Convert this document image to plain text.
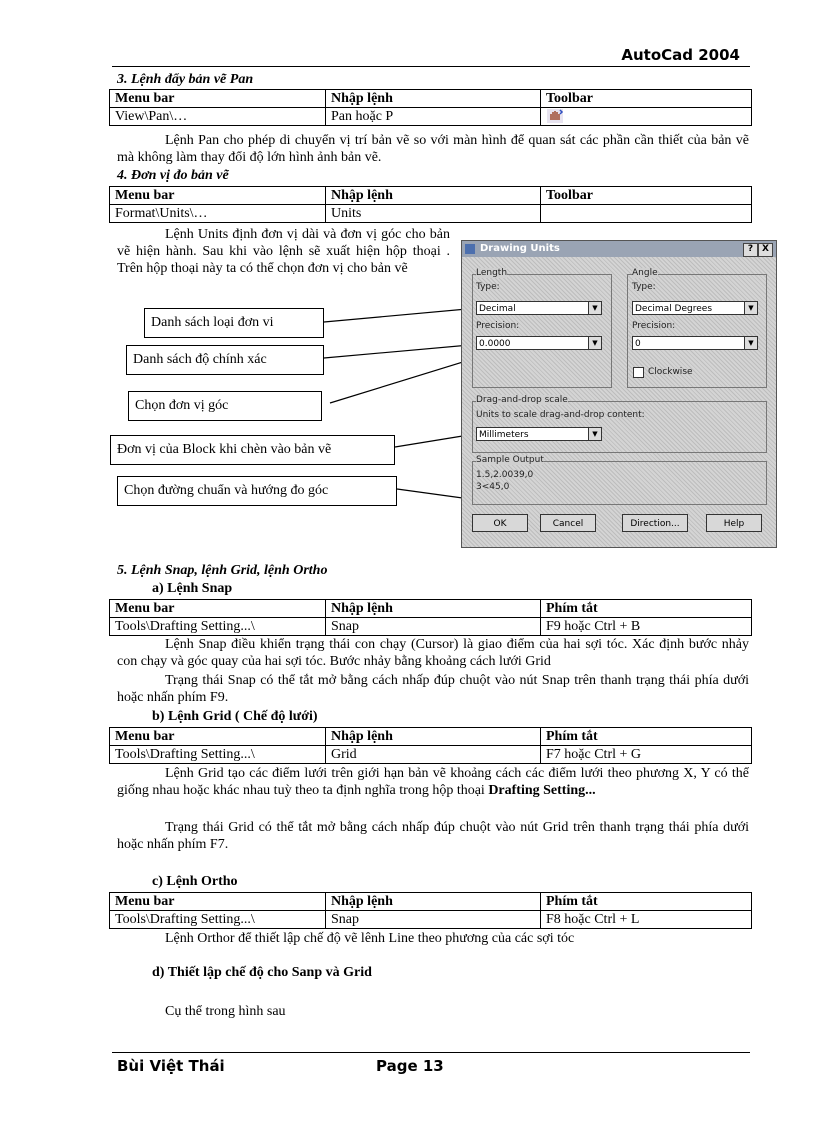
AutoCad 2004
3. Lệnh đẩy bản vẽ Pan
Menu bar	Nhập lệnh	Toolbar
View\Pan\…	Pan hoặc P	
Lệnh Pan cho phép di chuyển vị trí bản vẽ so với màn hình để quan sát các phần cần thiết của bản vẽ mà không làm thay đổi độ lớn hình ảnh bản vẽ.
4. Đơn vị đo bản vẽ
Menu bar	Nhập lệnh	Toolbar
Format\Units\…	Units	
Lệnh Units định đơn vị dài và đơn vị góc cho bản vẽ hiện hành. Sau khi vào lệnh sẽ xuất hiện hộp thoại . Trên hộp thoại này ta có thể chọn đơn vị cho bản vẽ
Danh sách loại đơn vi
Danh sách độ chính xác
Chọn đơn vị góc
Đơn vị của Block khi chèn vào bản vẽ
Chọn đường chuẩn và hướng đo góc
Drawing Units	? X
Length
Type:
Decimal	▼
Precision:
0.0000	▼
Angle
Type:
Decimal Degrees	▼
Precision:
0	▼
Clockwise
Drag-and-drop scale
Units to scale drag-and-drop content:
Millimeters	▼
Sample Output
1.5,2.0039,0
3<45,0
OK	Cancel	Direction...	Help
5. Lệnh Snap, lệnh Grid, lệnh Ortho
a) Lệnh Snap
Menu bar	Nhập lệnh	Phím tắt
Tools\Drafting Setting...\	Snap	F9 hoặc Ctrl + B
Lệnh Snap điều khiển trạng thái con chạy (Cursor) là giao điểm của hai sợi tóc. Xác định bước nhảy con chạy và góc quay của hai sợi tóc. Bước nhảy bằng khoảng cách lưới Grid
Trạng thái Snap có thể tắt mở bằng cách nhấp đúp chuột vào nút Snap trên thanh trạng thái phía dưới hoặc nhấn phím F9.
b) Lệnh Grid ( Chế độ lưới)
Menu bar	Nhập lệnh	Phím tắt
Tools\Drafting Setting...\	Grid	F7 hoặc Ctrl + G
Lệnh Grid tạo các điểm lưới trên giới hạn bản vẽ khoảng cách các điểm lưới theo phương X, Y có thể giống nhau hoặc khác nhau tuỳ theo ta định nghĩa trong hộp thoại Drafting Setting...
Trạng thái Grid có thể tắt mở bằng cách nhấp đúp chuột vào nút Grid trên thanh trạng thái phía dưới hoặc nhấn phím F7.
c) Lệnh Ortho
Menu bar	Nhập lệnh	Phím tắt
Tools\Drafting Setting...\	Snap	F8 hoặc Ctrl + L
Lệnh Orthor để thiết lập chế độ vẽ lênh Line theo phương của các sợi tóc
d) Thiết lập chế độ cho Sanp và Grid
Cụ thể trong hình sau
Bùi Việt Thái	Page 13
